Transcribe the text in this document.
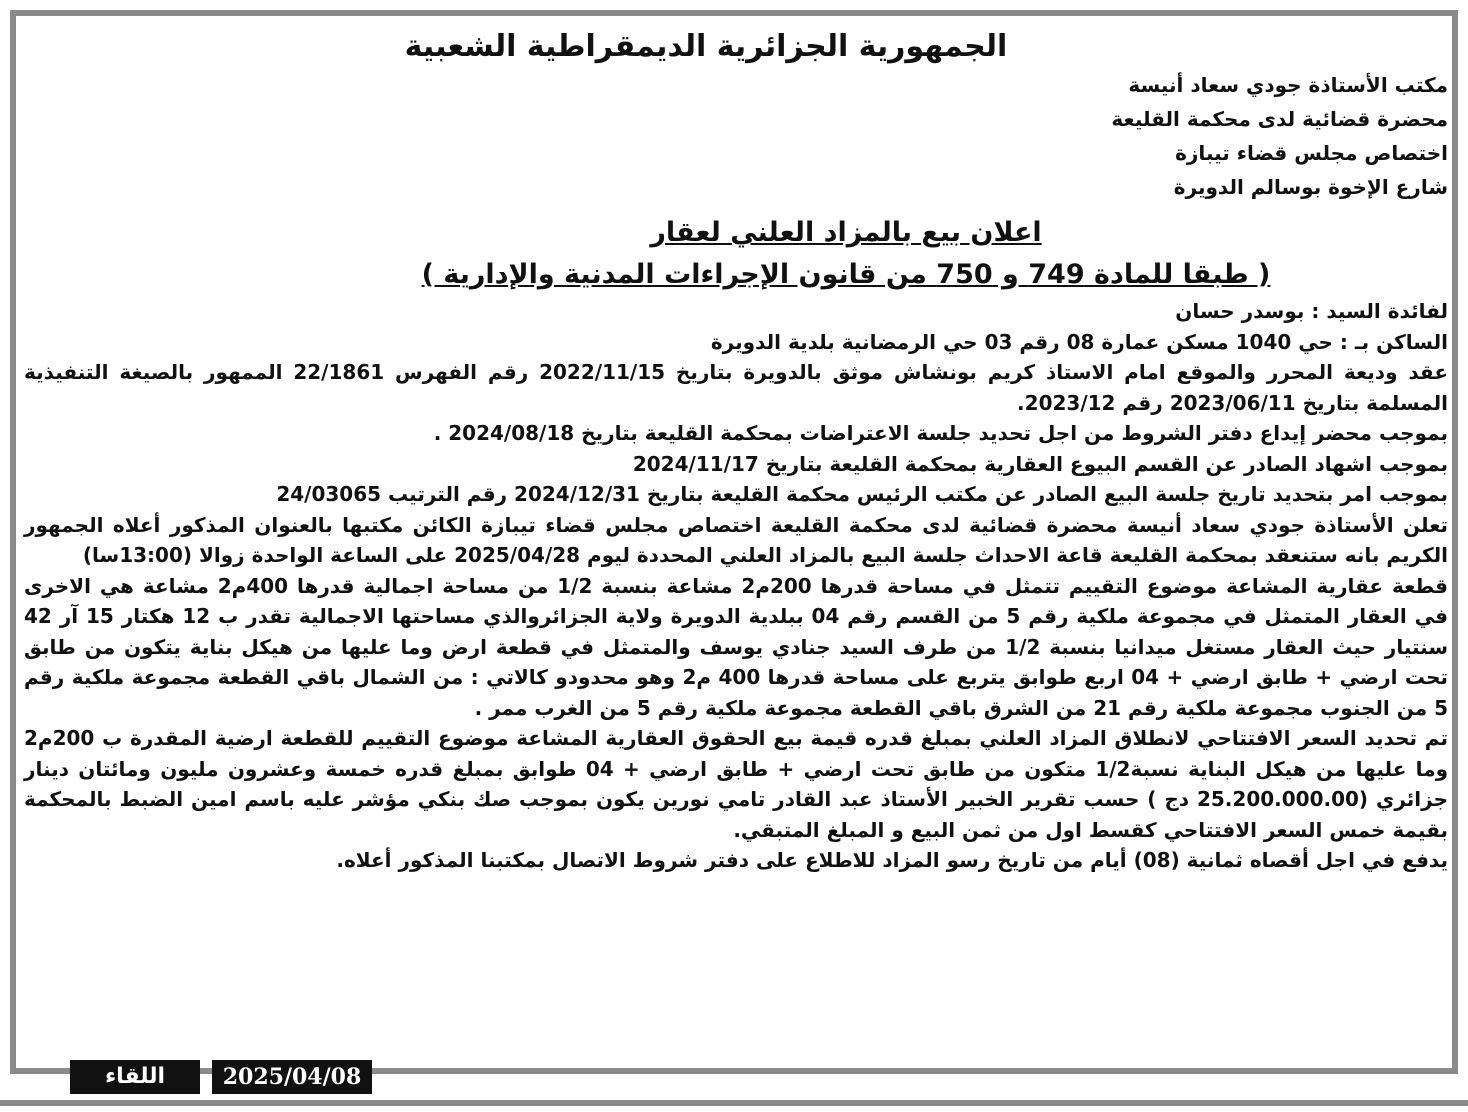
الجمهورية الجزائرية الديمقراطية الشعبية
مكتب الأستاذة جودي سعاد أنيسة
محضرة قضائية لدى محكمة القليعة
اختصاص مجلس قضاء تيبازة
شارع الإخوة بوسالم الدويرة
اعلان بيع بالمزاد العلني لعقار
( طبقا للمادة 749 و 750 من قانون الإجراءات المدنية والإدارية )

لفائدة السيد : بوسدر حسان

الساكن بـ : حي 1040 مسكن عمارة 08 رقم 03 حي الرمضانية بلدية الدويرة

عقد وديعة المحرر والموقع امام الاستاذ كريم بونشاش موثق بالدويرة بتاريخ 2022/11/15 رقم الفهرس 22/1861 الممهور بالصيغة التنفيذية المسلمة بتاريخ 2023/06/11 رقم 2023/12.

بموجب محضر إيداع دفتر الشروط من اجل تحديد جلسة الاعتراضات بمحكمة القليعة بتاريخ 2024/08/18 .

بموجب اشهاد الصادر عن القسم البيوع العقارية بمحكمة القليعة بتاريخ 2024/11/17

بموجب امر بتحديد تاريخ جلسة البيع الصادر عن مكتب الرئيس محكمة القليعة بتاريخ 2024/12/31 رقم الترتيب 24/03065

تعلن الأستاذة جودي سعاد أنيسة محضرة قضائية لدى محكمة القليعة اختصاص مجلس قضاء تيبازة الكائن مكتبها بالعنوان المذكور أعلاه الجمهور الكريم بانه ستنعقد بمحكمة القليعة قاعة الاحداث جلسة البيع بالمزاد العلني المحددة ليوم 2025/04/28 على الساعة الواحدة زوالا (13:00سا)

قطعة عقارية المشاعة موضوع التقييم تتمثل في مساحة قدرها 200م2 مشاعة بنسبة 1/2 من مساحة اجمالية قدرها 400م2 مشاعة هي الاخرى في العقار المتمثل في مجموعة ملكية رقم 5 من القسم رقم 04 ببلدية الدويرة ولاية الجزائروالذي مساحتها الاجمالية تقدر ب 12 هكتار 15 آر 42 سنتيار حيث العقار مستغل ميدانيا بنسبة 1/2 من طرف السيد جنادي يوسف والمتمثل في قطعة ارض وما عليها من هيكل بناية يتكون من طابق تحت ارضي + طابق ارضي + 04 اربع طوابق يتربع على مساحة قدرها 400 م2 وهو محدودو كالاتي : من الشمال باقي القطعة مجموعة ملكية رقم 5 من الجنوب مجموعة ملكية رقم 21 من الشرق باقي القطعة مجموعة ملكية رقم 5 من الغرب ممر .

تم تحديد السعر الافتتاحي لانطلاق المزاد العلني بمبلغ قدره قيمة بيع الحقوق العقارية المشاعة موضوع التقييم للقطعة ارضية المقدرة ب 200م2 وما عليها من هيكل البناية نسبة1/2 متكون من طابق تحت ارضي + طابق ارضي + 04 طوابق بمبلغ قدره خمسة وعشرون مليون ومائتان دينار جزائري (25.200.000.00 دج ) حسب تقرير الخبير الأستاذ عبد القادر تامي نورين يكون بموجب صك بنكي مؤشر عليه باسم امين الضبط بالمحكمة بقيمة خمس السعر الافتتاحي كقسط اول من ثمن البيع و المبلغ المتبقي.

يدفع في اجل أقصاه ثمانية (08) أيام من تاريخ رسو المزاد للاطلاع على دفتر شروط الاتصال بمكتبنا المذكور أعلاه.

اللقاء	2025/04/08
